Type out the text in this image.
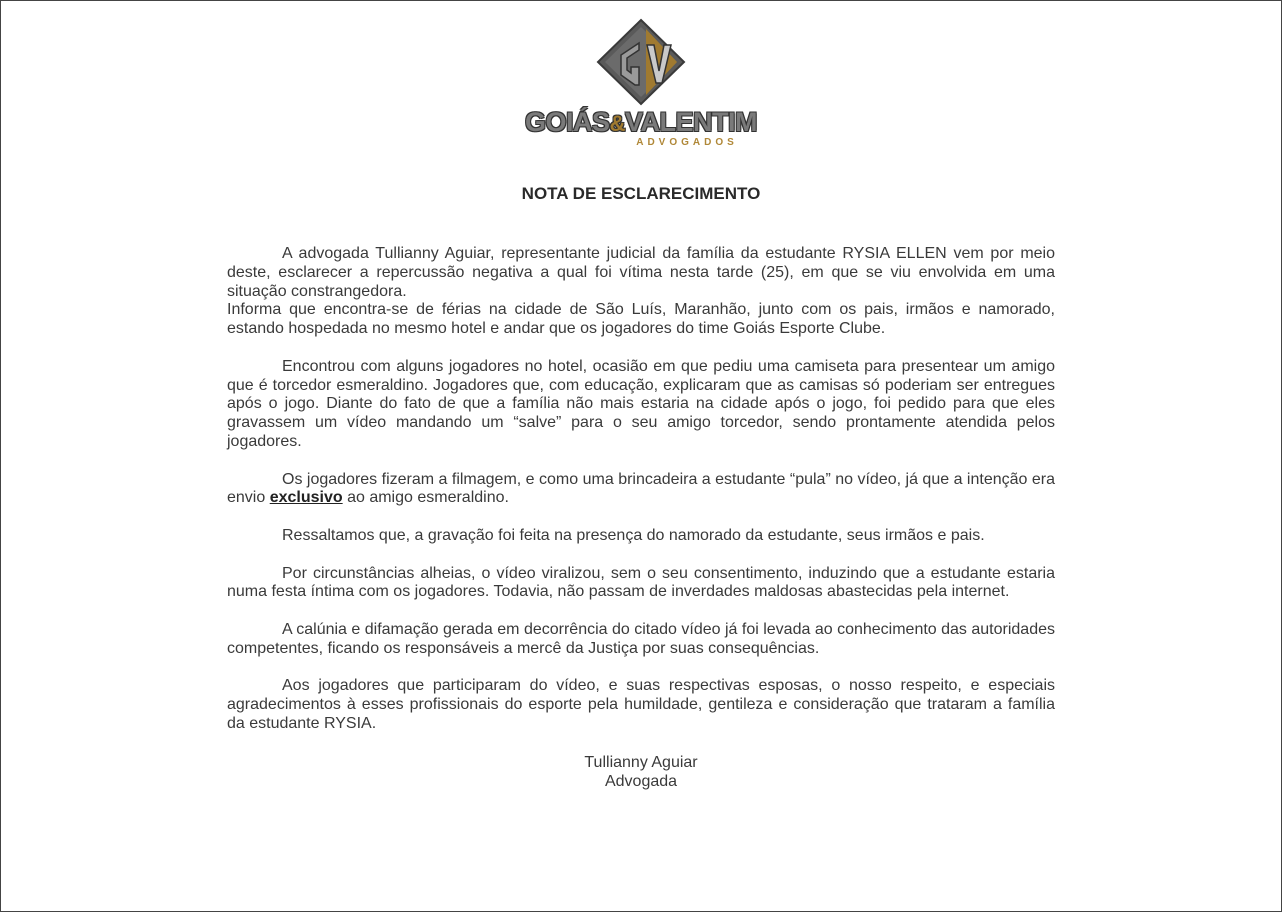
GOIÁS&VALENTIM
ADVOGADOS
NOTA DE ESCLARECIMENTO

A advogada Tullianny Aguiar, representante judicial da família da estudante RYSIA ELLEN vem por meio deste, esclarecer a repercussão negativa a qual foi vítima nesta tarde (25), em que se viu envolvida em uma situação constrangedora.

Informa que encontra-se de férias na cidade de São Luís, Maranhão, junto com os pais, irmãos e namorado, estando hospedada no mesmo hotel e andar que os jogadores do time Goiás Esporte Clube.

Encontrou com alguns jogadores no hotel, ocasião em que pediu uma camiseta para presentear um amigo que é torcedor esmeraldino. Jogadores que, com educação, explicaram que as camisas só poderiam ser entregues após o jogo. Diante do fato de que a família não mais estaria na cidade após o jogo, foi pedido para que eles gravassem um vídeo mandando um “salve” para o seu amigo torcedor, sendo prontamente atendida pelos jogadores.

Os jogadores fizeram a filmagem, e como uma brincadeira a estudante “pula” no vídeo, já que a intenção era envio exclusivo ao amigo esmeraldino.

Ressaltamos que, a gravação foi feita na presença do namorado da estudante, seus irmãos e pais.

Por circunstâncias alheias, o vídeo viralizou, sem o seu consentimento, induzindo que a estudante estaria numa festa íntima com os jogadores. Todavia, não passam de inverdades maldosas abastecidas pela internet.

A calúnia e difamação gerada em decorrência do citado vídeo já foi levada ao conhecimento das autoridades competentes, ficando os responsáveis a mercê da Justiça por suas consequências.

Aos jogadores que participaram do vídeo, e suas respectivas esposas, o nosso respeito, e especiais agradecimentos à esses profissionais do esporte pela humildade, gentileza e consideração que trataram a família da estudante RYSIA.

Tullianny Aguiar
Advogada
